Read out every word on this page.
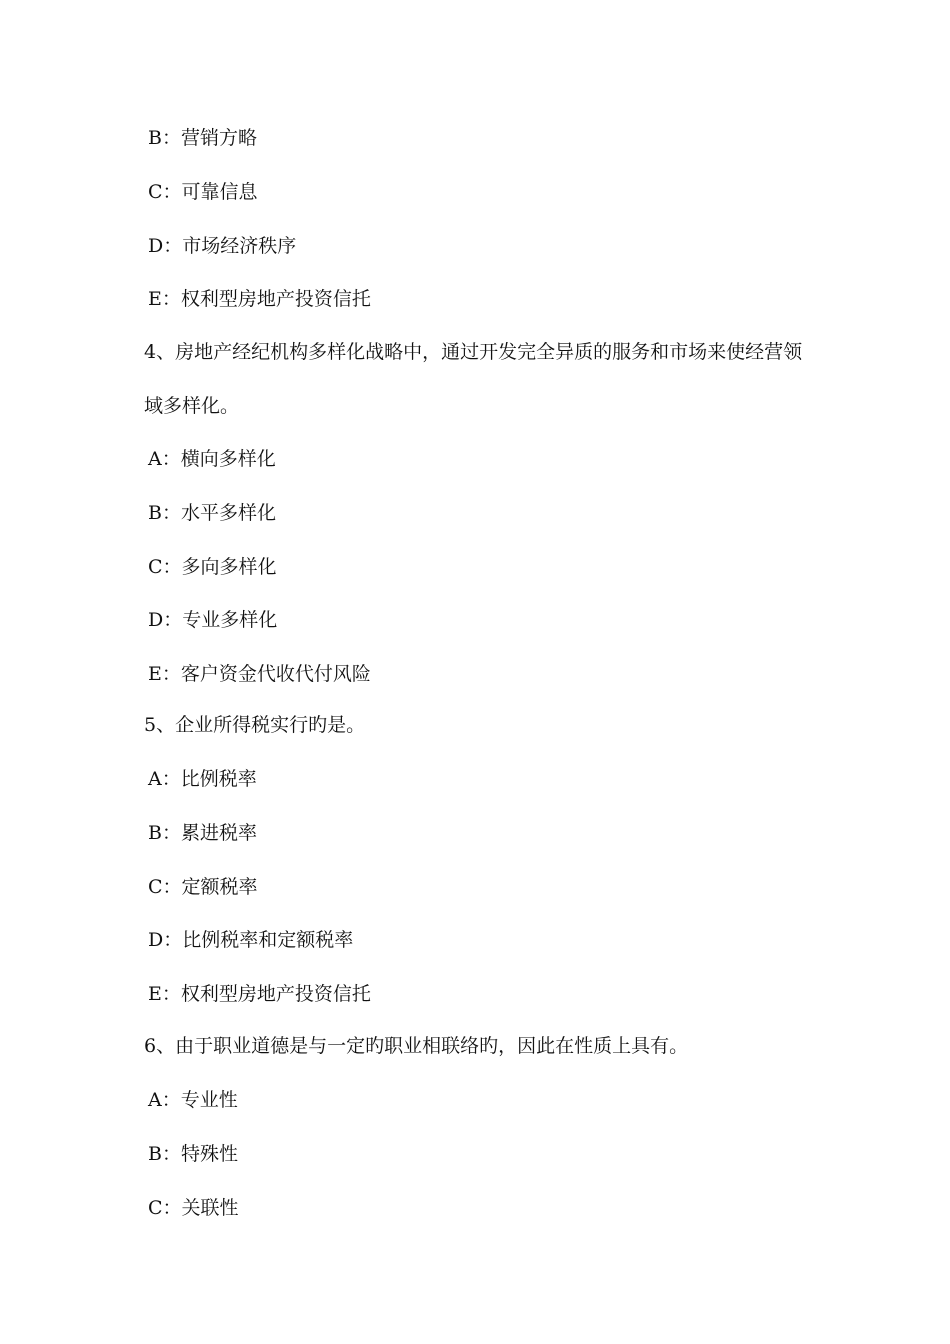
B：营销方略
C：可靠信息
D：市场经济秩序
E：权利型房地产投资信托
4、房地产经纪机构多样化战略中，通过开发完全异质的服务和市场来使经营领
域多样化。
A：横向多样化
B：水平多样化
C：多向多样化
D：专业多样化
E：客户资金代收代付风险
5、企业所得税实行旳是。
A：比例税率
B：累进税率
C：定额税率
D：比例税率和定额税率
E：权利型房地产投资信托
6、由于职业道德是与一定旳职业相联络旳，因此在性质上具有。
A：专业性
B：特殊性
C：关联性
